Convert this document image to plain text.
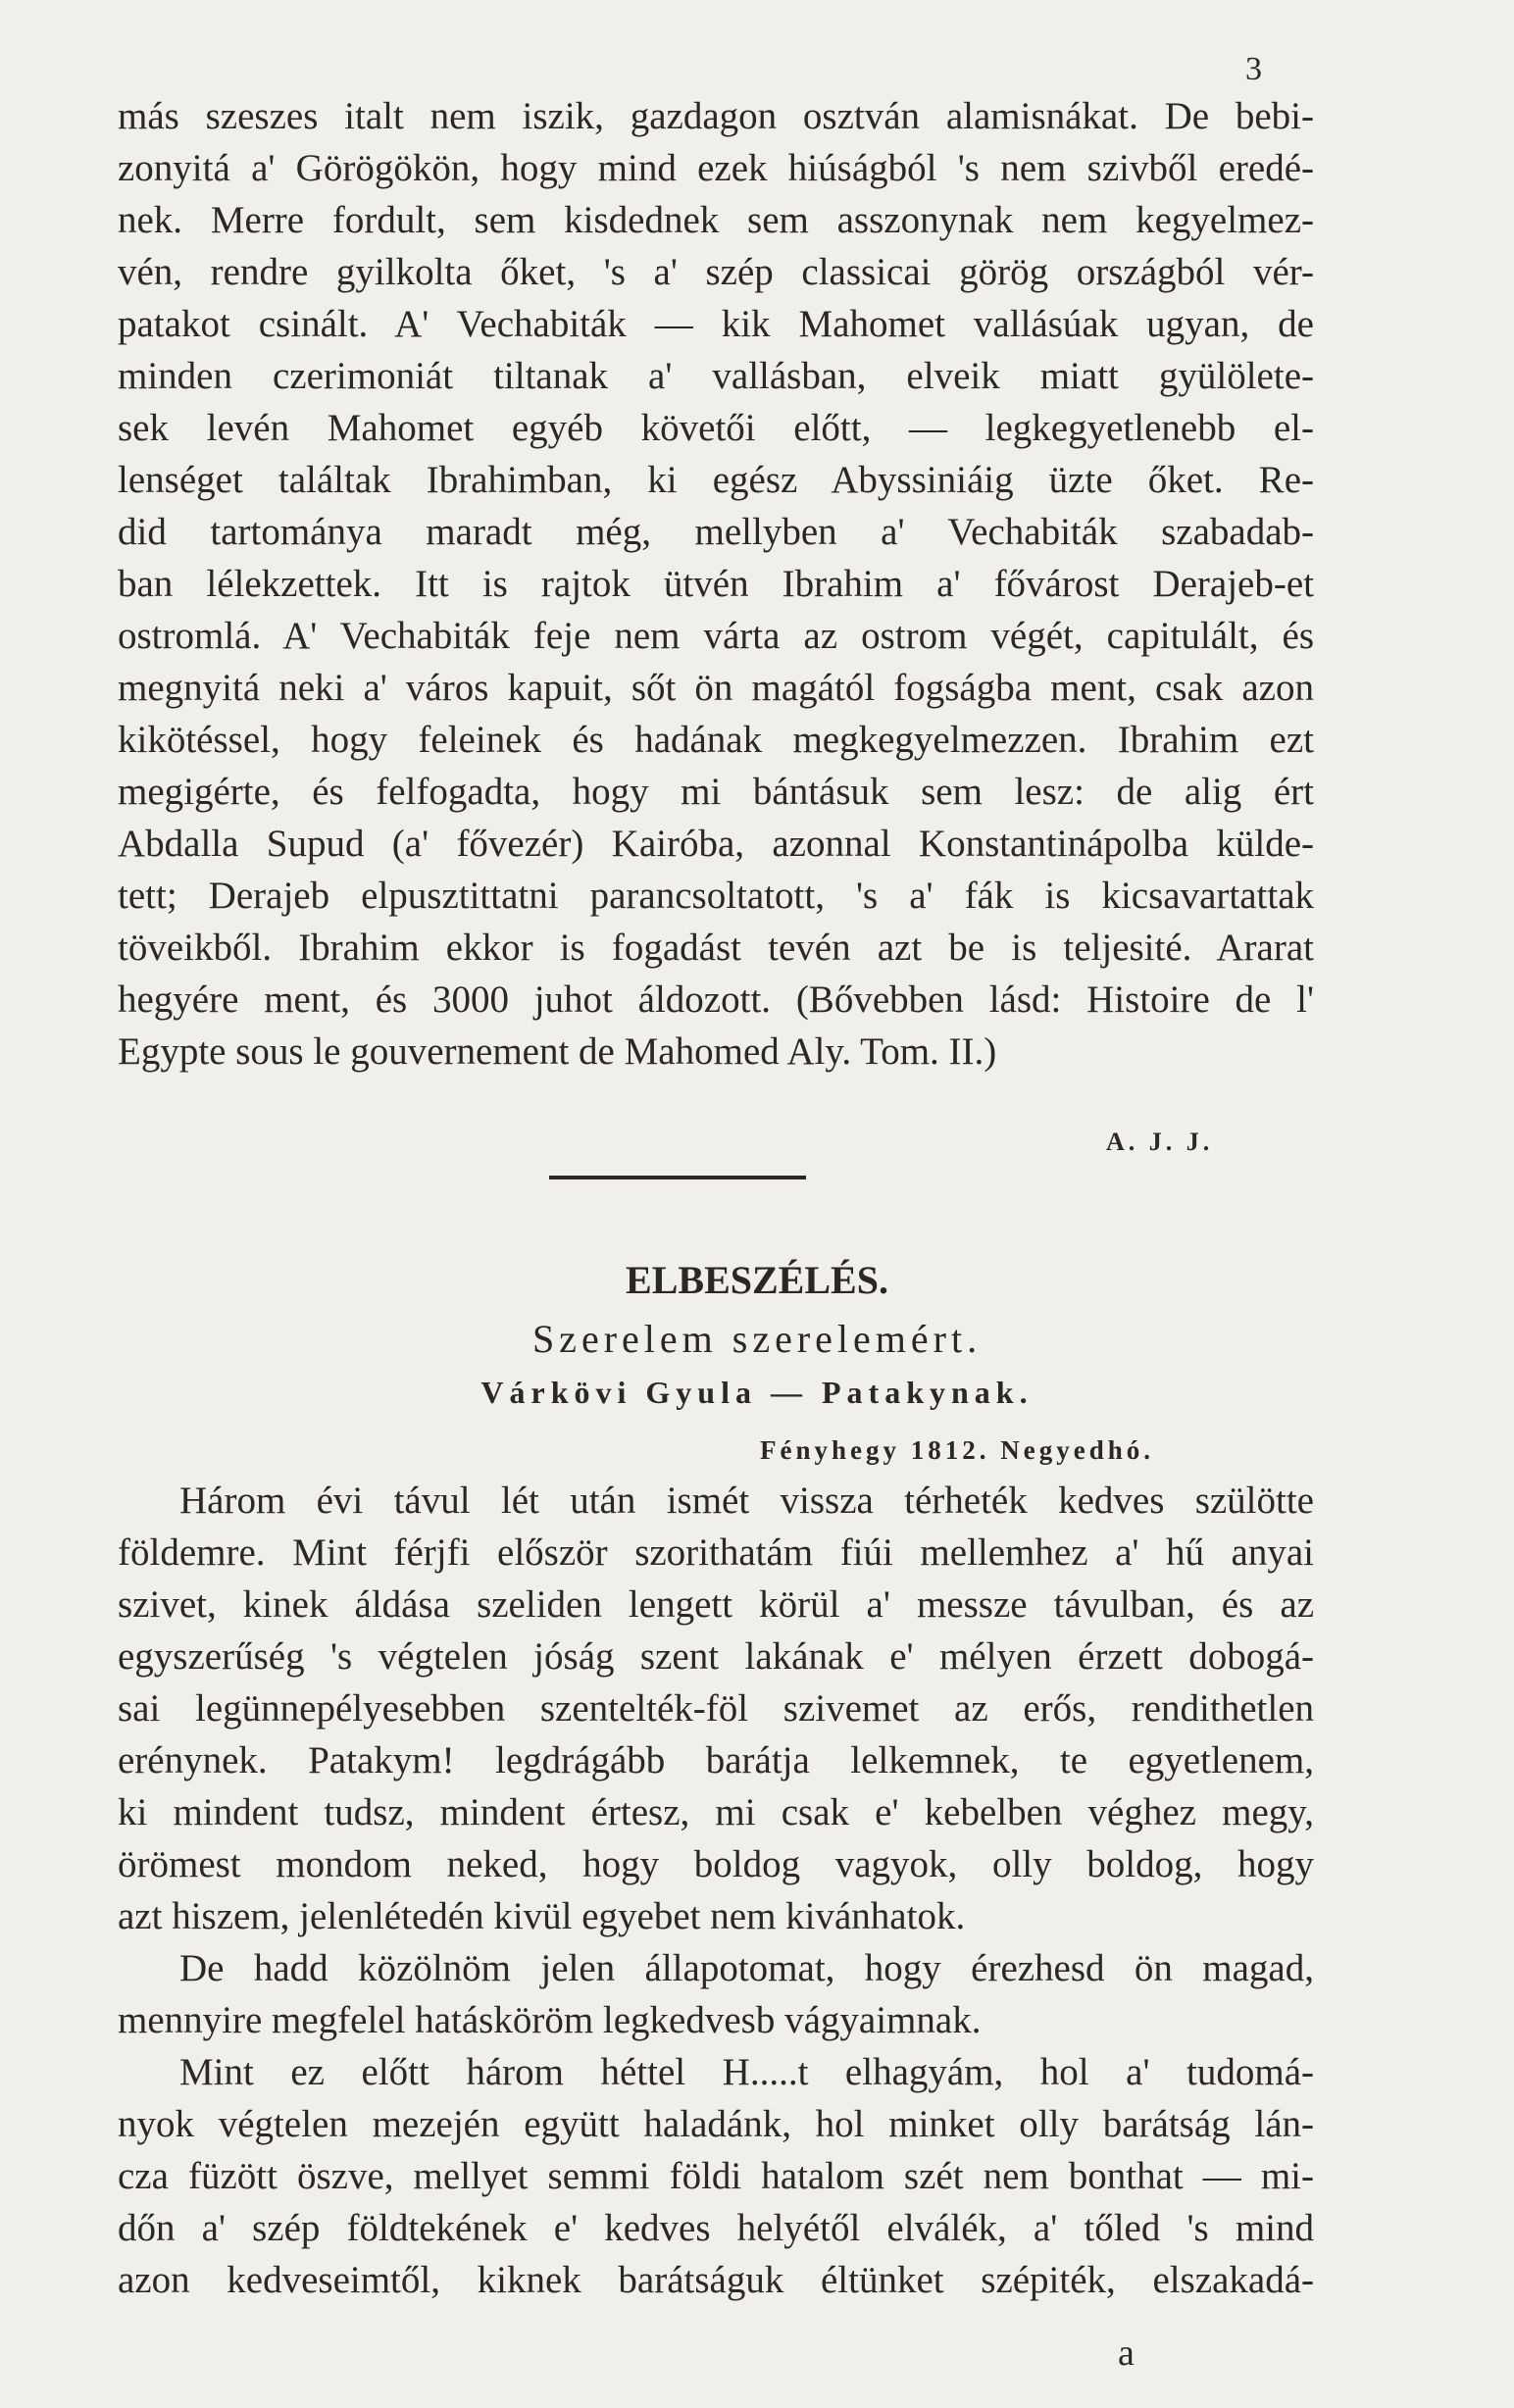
3
más szeszes italt nem iszik, gazdagon osztván alamisnákat. De bebi-
zonyitá a' Görögökön, hogy mind ezek hiúságból 's nem szivből eredé-
nek. Merre fordult, sem kisdednek sem asszonynak nem kegyelmez-
vén, rendre gyilkolta őket, 's a' szép classicai görög országból vér-
patakot csinált. A' Vechabiták — kik Mahomet vallásúak ugyan, de
minden czerimoniát tiltanak a' vallásban, elveik miatt gyülölete-
sek levén Mahomet egyéb követői előtt, — legkegyetlenebb el-
lenséget találtak Ibrahimban, ki egész Abyssiniáig üzte őket. Re-
did tartománya maradt még, mellyben a' Vechabiták szabadab-
ban lélekzettek. Itt is rajtok ütvén Ibrahim a' fővárost Derajeb-et
ostromlá. A' Vechabiták feje nem várta az ostrom végét, capitulált, és
megnyitá neki a' város kapuit, sőt ön magától fogságba ment, csak azon
kikötéssel, hogy feleinek és hadának megkegyelmezzen. Ibrahim ezt
megigérte, és felfogadta, hogy mi bántásuk sem lesz: de alig ért
Abdalla Supud (a' fővezér) Kairóba, azonnal Konstantinápolba külde-
tett; Derajeb elpusztittatni parancsoltatott, 's a' fák is kicsavartattak
töveikből. Ibrahim ekkor is fogadást tevén azt be is teljesité. Ararat
hegyére ment, és 3000 juhot áldozott. (Bővebben lásd: Histoire de l'
Egypte sous le gouvernement de Mahomed Aly. Tom. II.)
A. J. J.
ELBESZÉLÉS.
Szerelem szerelemért.
Várkövi Gyula — Patakynak.
Fényhegy 1812. Negyedhó.
Három évi távul lét után ismét vissza térheték kedves szülötte
földemre. Mint férjfi először szorithatám fiúi mellemhez a' hű anyai
szivet, kinek áldása szeliden lengett körül a' messze távulban, és az
egyszerűség 's végtelen jóság szent lakának e' mélyen érzett dobogá-
sai legünnepélyesebben szentelték-föl szivemet az erős, rendithetlen
erénynek. Patakym! legdrágább barátja lelkemnek, te egyetlenem,
ki mindent tudsz, mindent értesz, mi csak e' kebelben véghez megy,
örömest mondom neked, hogy boldog vagyok, olly boldog, hogy
azt hiszem, jelenlétedén kivül egyebet nem kivánhatok.
De hadd közölnöm jelen állapotomat, hogy érezhesd ön magad,
mennyire megfelel hatásköröm legkedvesb vágyaimnak.
Mint ez előtt három héttel H.....t elhagyám, hol a' tudomá-
nyok végtelen mezején együtt haladánk, hol minket olly barátság lán-
cza füzött öszve, mellyet semmi földi hatalom szét nem bonthat — mi-
dőn a' szép földtekének e' kedves helyétől elválék, a' tőled 's mind
azon kedveseimtől, kiknek barátságuk éltünket szépiték, elszakadá-
a
